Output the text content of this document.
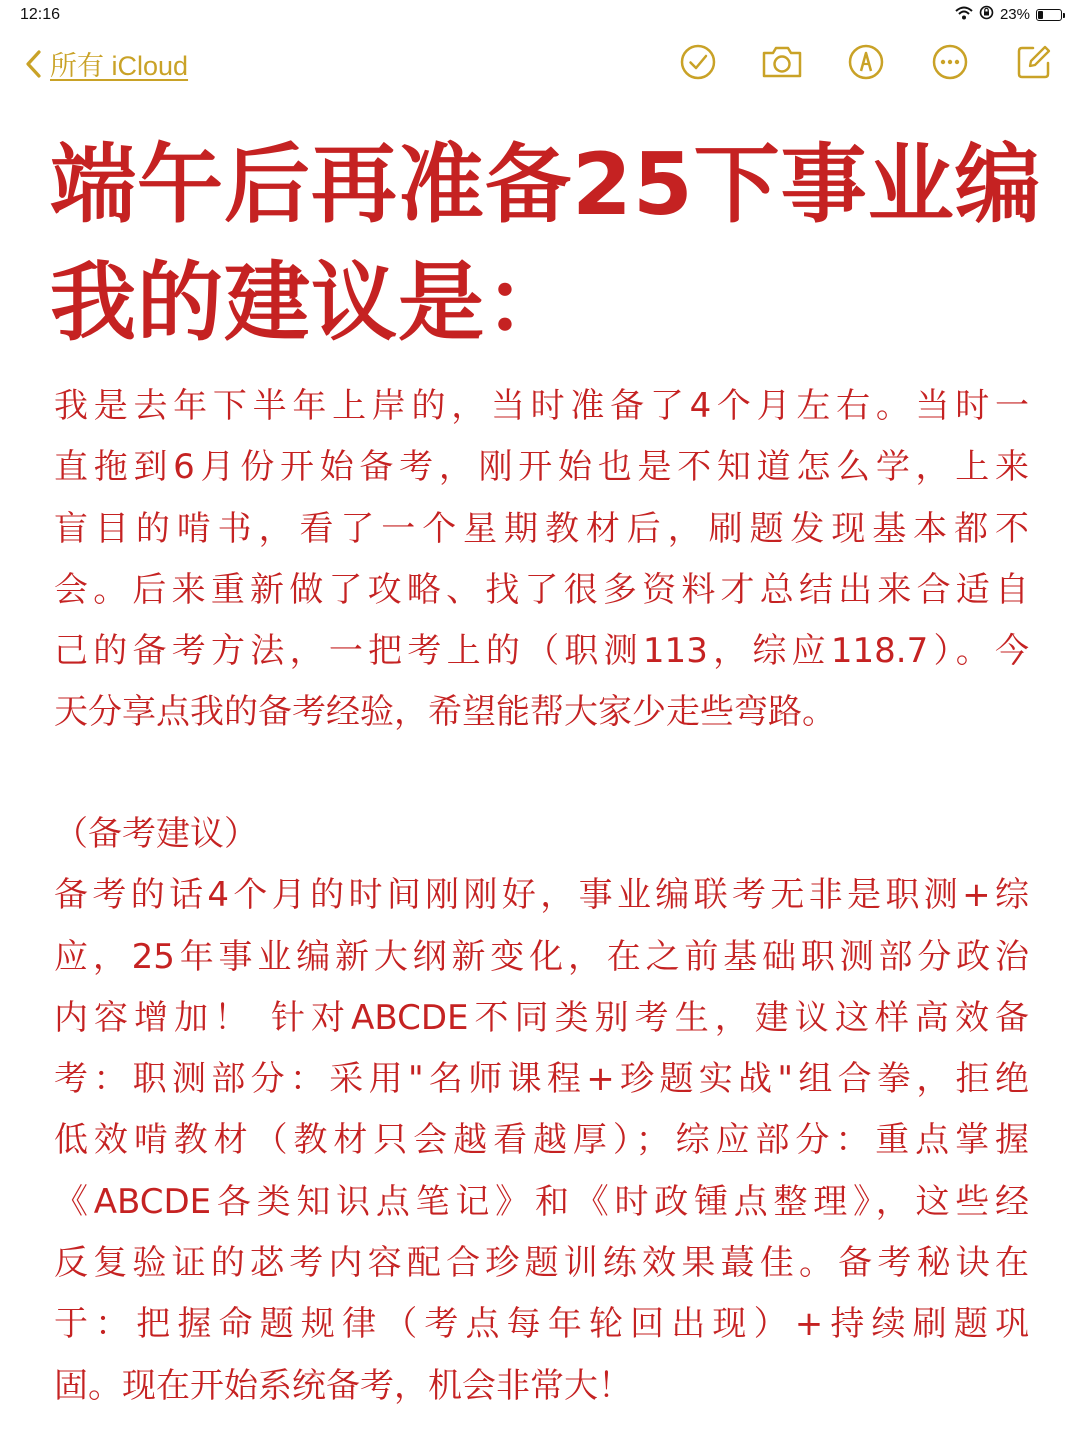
12:16	23%
所有 iCloud
端午后再准备25下事业编
我的建议是：

我是去年下半年上岸的，当时准备了4个月左右。当时一
直拖到6月份开始备考，刚开始也是不知道怎么学，上来
盲目的啃书，看了一个星期教材后，刷题发现基本都不
会。后来重新做了攻略、找了很多资料才总结出来合适自
己的备考方法，一把考上的（职测113，综应118.7）。今
天分享点我的备考经验，希望能帮大家少走些弯路。

（备考建议）
备考的话4个月的时间刚刚好，事业编联考无非是职测+综
应，25年事业编新大纲新变化，在之前基础职测部分政治
内容增加！ 针对ABCDE不同类别考生，建议这样高效备
考：职测部分：采用"名师课程+珍题实战"组合拳，拒绝
低效啃教材（教材只会越看越厚）；综应部分：重点掌握
《ABCDE各类知识点笔记》和《时政锺点整理》，这些经
反复验证的苾考内容配合珍题训练效果蕞佳。备考秘诀在
于：把握命题规律（考点每年轮回出现）+持续刷题巩
固。现在开始系统备考，机会非常大！
